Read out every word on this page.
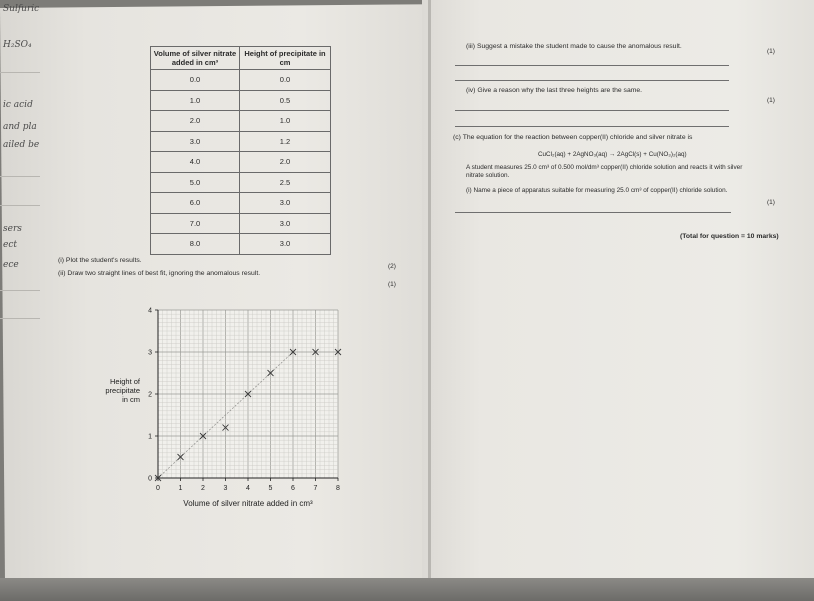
Sulfuric
H₂SO₄
ic acid
and pla
ailed be
sers
ect
ece
Volume of silver nitrate added in cm³	Height of precipitate in cm
0.0	0.0
1.0	0.5
2.0	1.0
3.0	1.2
4.0	2.0
5.0	2.5
6.0	3.0
7.0	3.0
8.0	3.0
(i) Plot the student's results.
(2)
(ii) Draw two straight lines of best fit, ignoring the anomalous result.
(1)
0	1	2	3	4	5	6	7	8
0
1
2
3
4
Volume of silver nitrate added in cm³
Height of precipitate in cm
(iii) Suggest a mistake the student made to cause the anomalous result.
(1)
(iv) Give a reason why the last three heights are the same.
(1)
(c) The equation for the reaction between copper(II) chloride and silver nitrate is
CuCl₂(aq) + 2AgNO₃(aq) → 2AgCl(s) + Cu(NO₃)₂(aq)
A student measures 25.0 cm³ of 0.500 mol/dm³ copper(II) chloride solution and reacts it with silver
nitrate solution.
(i) Name a piece of apparatus suitable for measuring 25.0 cm³ of copper(II) chloride solution.
(1)
(Total for question = 10 marks)
